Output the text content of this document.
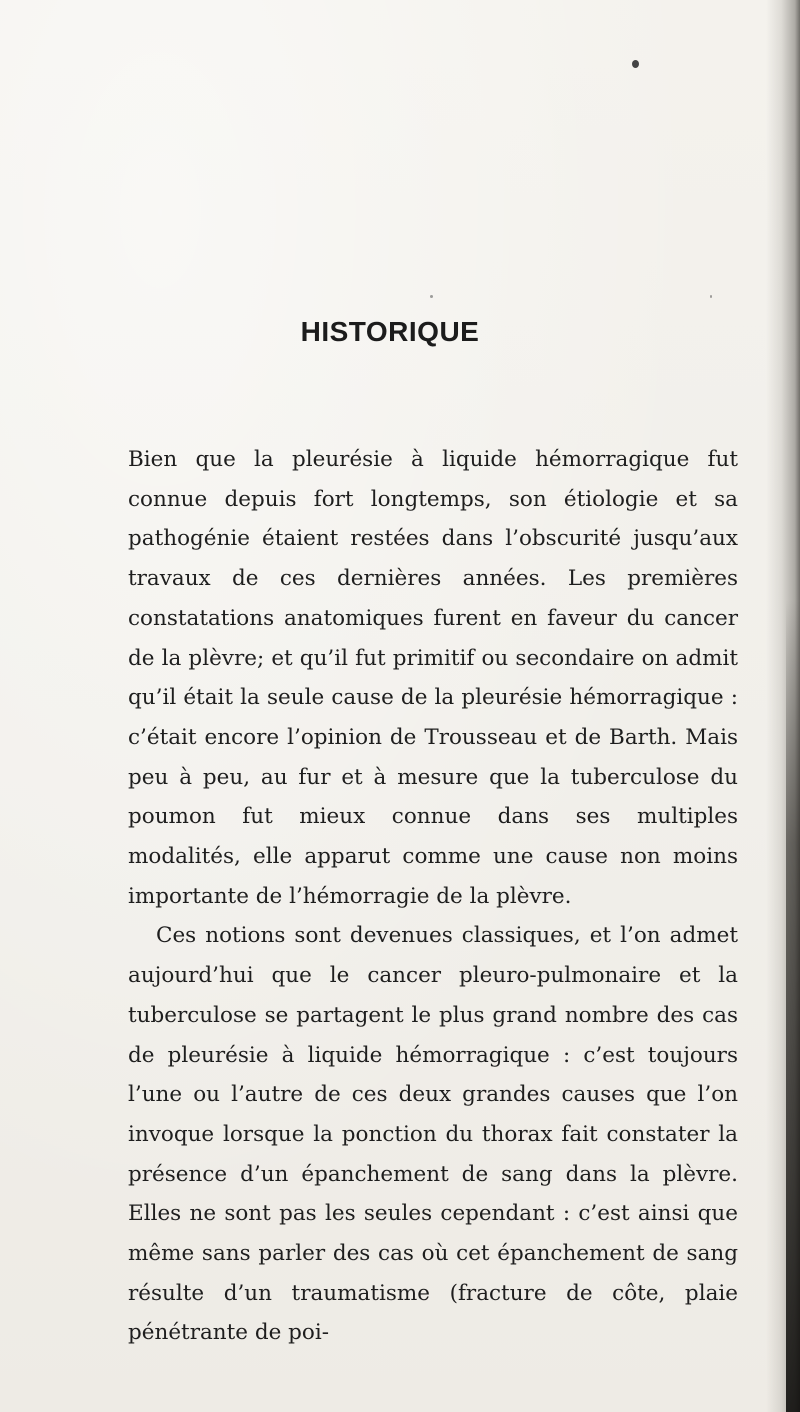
HISTORIQUE

Bien que la pleurésie à liquide hémorragique fut connue depuis fort longtemps, son étiologie et sa pathogénie étaient restées dans l’obscurité jusqu’aux travaux de ces dernières années. Les premières constatations anatomiques furent en faveur du cancer de la plèvre; et qu’il fut primitif ou secondaire on admit qu’il était la seule cause de la pleurésie hémorragique : c’était encore l’opinion de Trousseau et de Barth. Mais peu à peu, au fur et à mesure que la tuberculose du poumon fut mieux connue dans ses multiples modalités, elle apparut comme une cause non moins importante de l’hémorragie de la plèvre.

Ces notions sont devenues classiques, et l’on admet aujourd’hui que le cancer pleuro-pulmonaire et la tuberculose se partagent le plus grand nombre des cas de pleurésie à liquide hémorragique : c’est toujours l’une ou l’autre de ces deux grandes causes que l’on invoque lorsque la ponction du thorax fait constater la présence d’un épanchement de sang dans la plèvre. Elles ne sont pas les seules cependant : c’est ainsi que même sans parler des cas où cet épanchement de sang résulte d’un traumatisme (fracture de côte, plaie pénétrante de poi-
